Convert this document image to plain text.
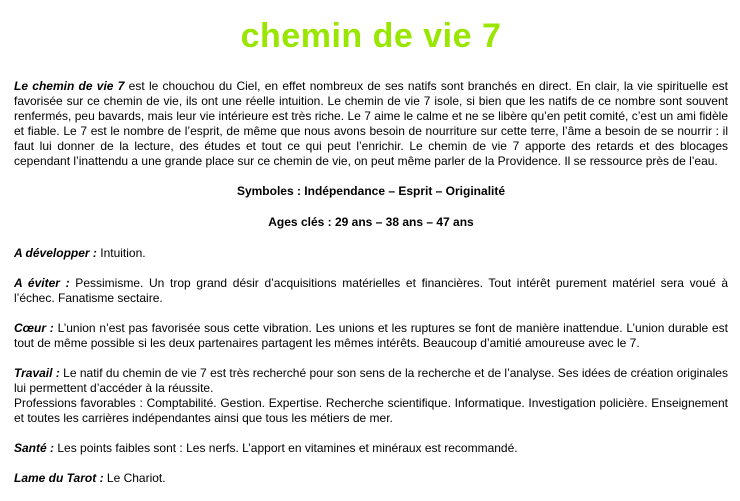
chemin de vie 7

Le chemin de vie 7 est le chouchou du Ciel, en effet nombreux de ses natifs sont branchés en direct. En clair, la vie spirituelle est favorisée sur ce chemin de vie, ils ont une réelle intuition. Le chemin de vie 7 isole, si bien que les natifs de ce nombre sont souvent renfermés, peu bavards, mais leur vie intérieure est très riche. Le 7 aime le calme et ne se libère qu’en petit comité, c’est un ami fidèle et fiable. Le 7 est le nombre de l’esprit, de même que nous avons besoin de nourriture sur cette terre, l’âme a besoin de se nourrir : il faut lui donner de la lecture, des études et tout ce qui peut l’enrichir. Le chemin de vie 7 apporte des retards et des blocages cependant l’inattendu a une grande place sur ce chemin de vie, on peut même parler de la Providence. Il se ressource près de l’eau.

Symboles : Indépendance – Esprit – Originalité

Ages clés : 29 ans – 38 ans – 47 ans

A développer : Intuition.

A éviter : Pessimisme. Un trop grand désir d’acquisitions matérielles et financières. Tout intérêt purement matériel sera voué à l’échec. Fanatisme sectaire.

Cœur : L’union n’est pas favorisée sous cette vibration. Les unions et les ruptures se font de manière inattendue. L’union durable est tout de même possible si les deux partenaires partagent les mêmes intérêts. Beaucoup d’amitié amoureuse avec le 7.

Travail : Le natif du chemin de vie 7 est très recherché pour son sens de la recherche et de l’analyse. Ses idées de création originales lui permettent d’accéder à la réussite.

Professions favorables : Comptabilité. Gestion. Expertise. Recherche scientifique. Informatique. Investigation policière. Enseignement et toutes les carrières indépendantes ainsi que tous les métiers de mer.

Santé : Les points faibles sont : Les nerfs. L’apport en vitamines et minéraux est recommandé.

Lame du Tarot : Le Chariot.
